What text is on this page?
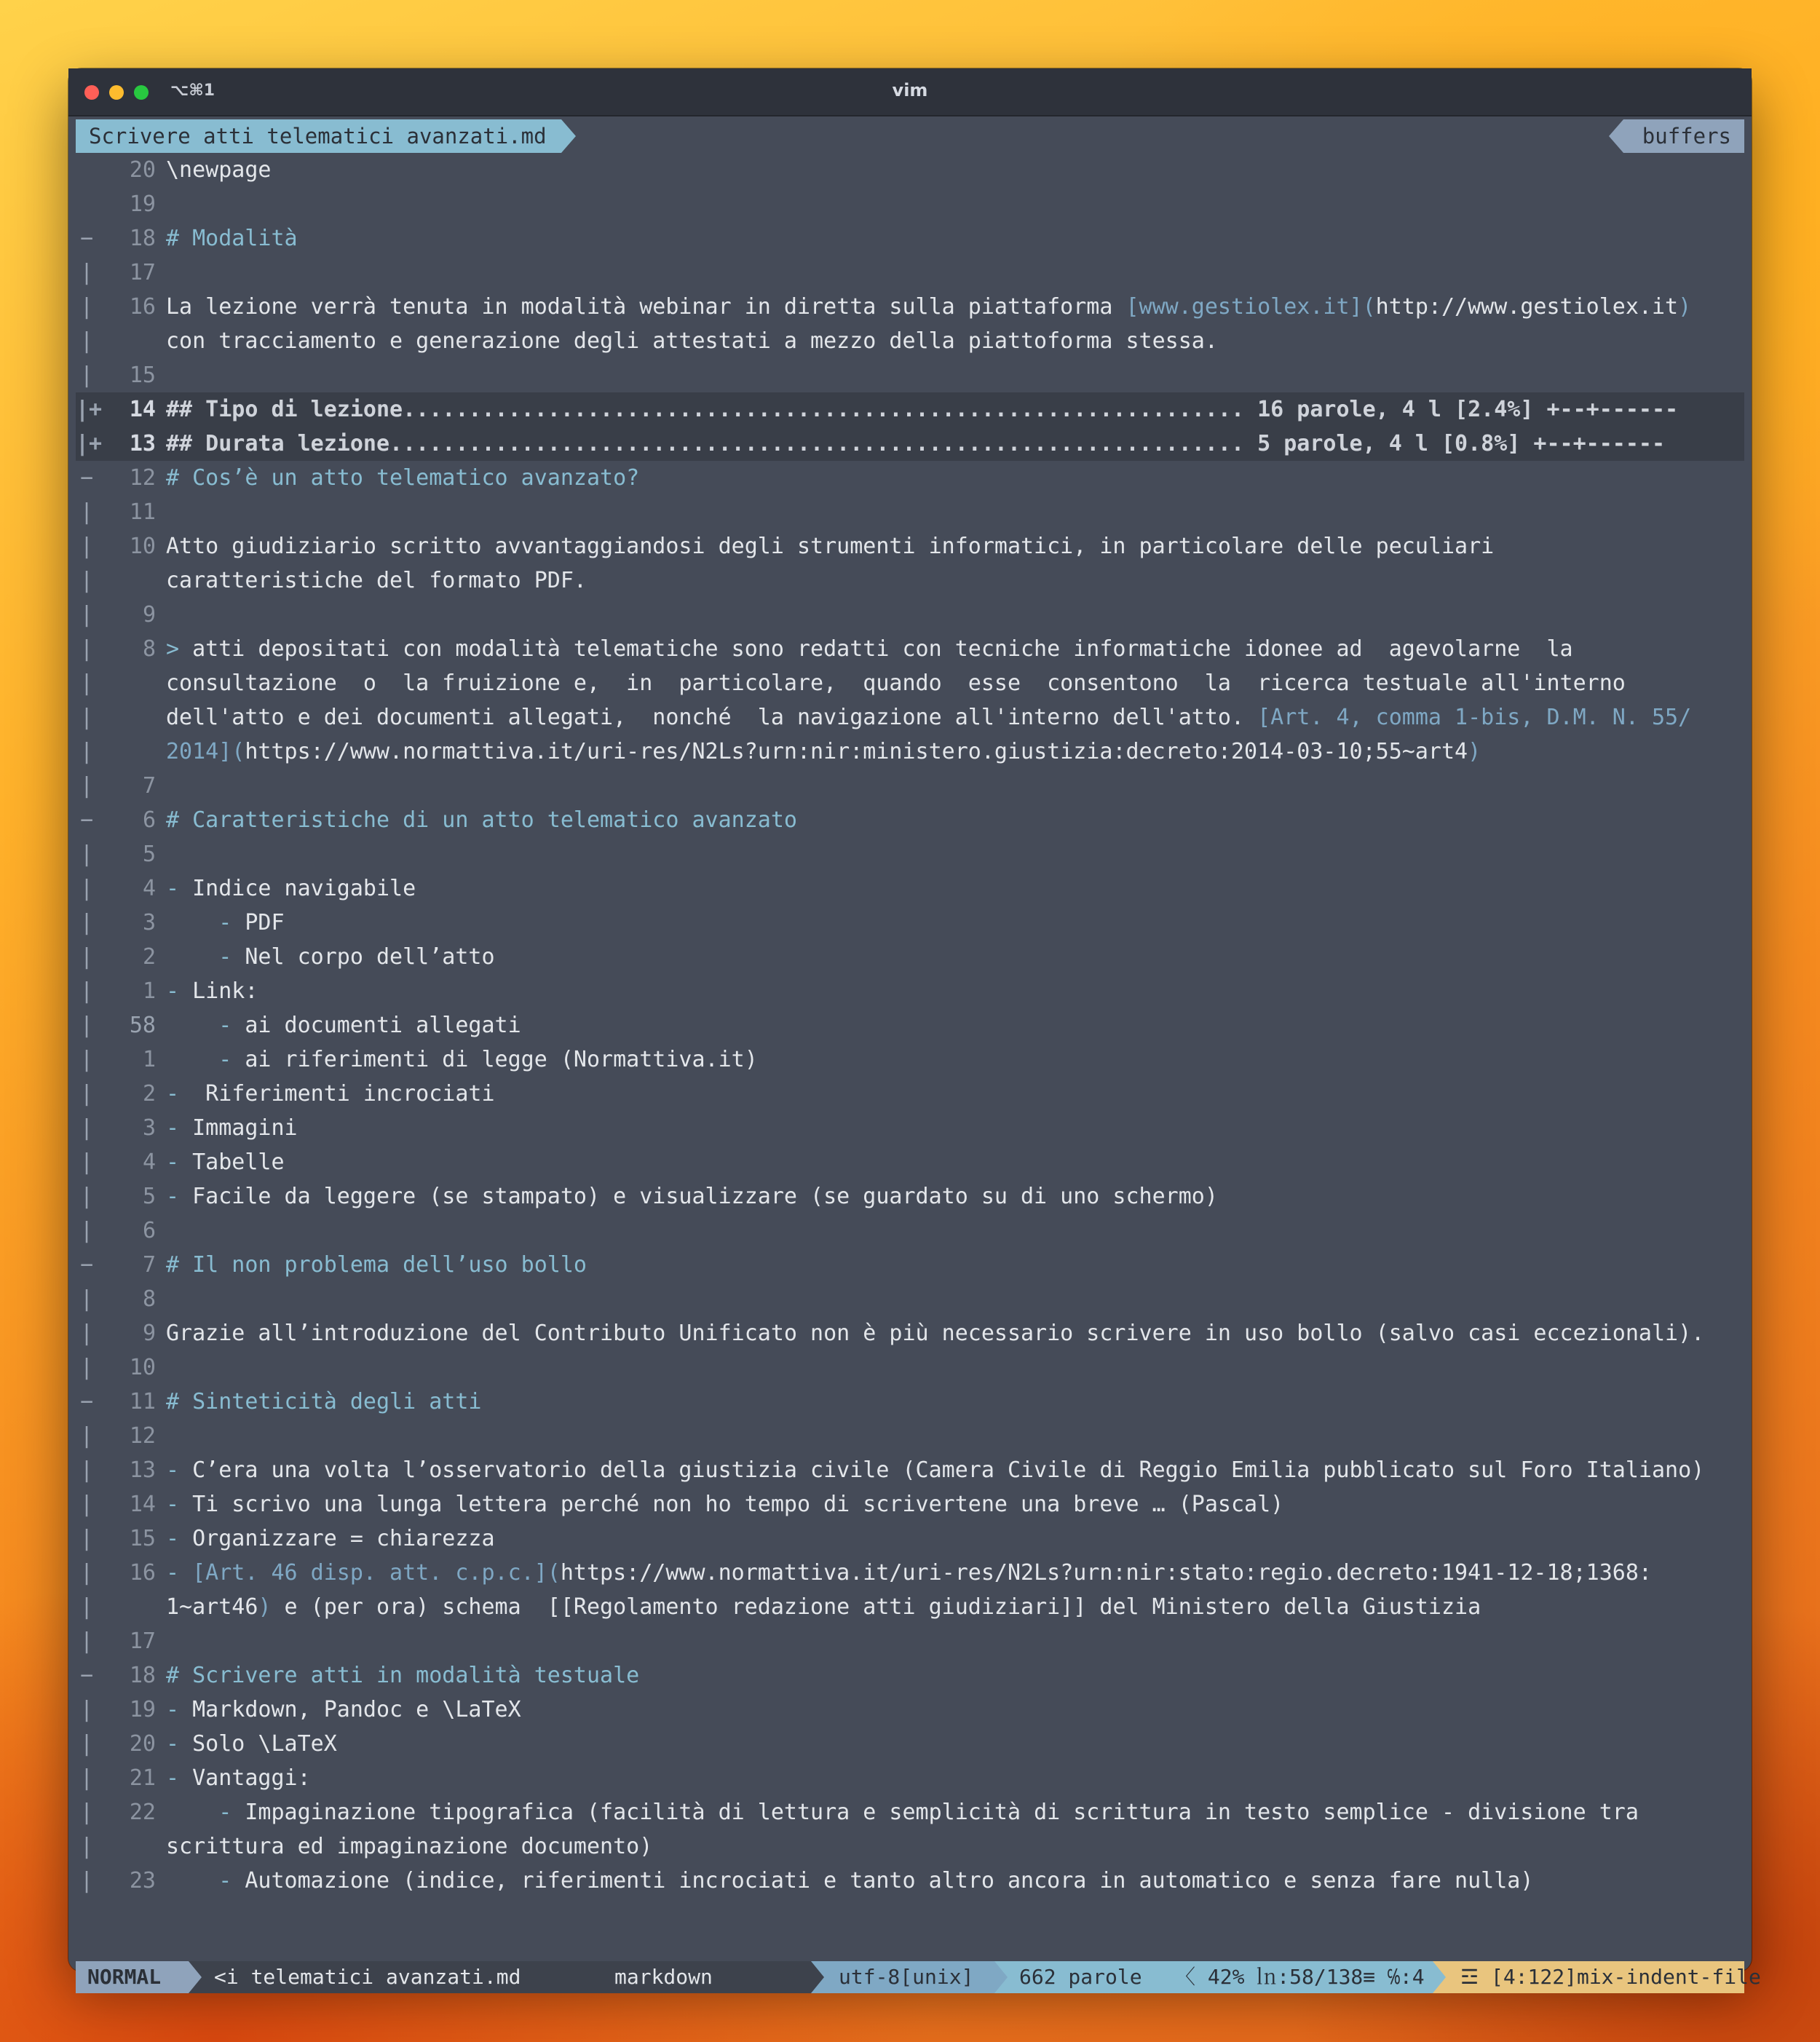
⌥⌘1	vim
Scrivere atti telematici avanzati.md	buffers
20 \newpage
19
−	18 # Modalità
|	17
|	16 La lezione verrà tenuta in modalità webinar in diretta sulla piattaforma [www.gestiolex.it](http://www.gestiolex.it)
|	con tracciamento e generazione degli attestati a mezzo della piattoforma stessa.
|	15
|+	14 ## Tipo di lezione................................................................ 16 parole, 4 l [2.4%] +--+------
|+	13 ## Durata lezione................................................................. 5 parole, 4 l [0.8%] +--+------
−	12 # Cos’è un atto telematico avanzato?
|	11
|	10 Atto giudiziario scritto avvantaggiandosi degli strumenti informatici, in particolare delle peculiari
|	caratteristiche del formato PDF.
|	9
|	8 > atti depositati con modalità telematiche sono redatti con tecniche informatiche idonee ad  agevolarne  la
|	consultazione  o  la fruizione e,  in  particolare,  quando  esse  consentono  la  ricerca testuale all'interno
|	dell'atto e dei documenti allegati,  nonché  la navigazione all'interno dell'atto. [Art. 4, comma 1-bis, D.M. N. 55/
|	2014](https://www.normattiva.it/uri-res/N2Ls?urn:nir:ministero.giustizia:decreto:2014-03-10;55~art4)
|	7
−	6 # Caratteristiche di un atto telematico avanzato
|	5
|	4 - Indice navigabile
|	3	- PDF
|	2	- Nel corpo dell’atto
|	1 - Link:
|	58	- ai documenti allegati
|	1	- ai riferimenti di legge (Normattiva.it)
|	2 -  Riferimenti incrociati
|	3 - Immagini
|	4 - Tabelle
|	5 - Facile da leggere (se stampato) e visualizzare (se guardato su di uno schermo)
|	6
−	7 # Il non problema dell’uso bollo
|	8
|	9 Grazie all’introduzione del Contributo Unificato non è più necessario scrivere in uso bollo (salvo casi eccezionali).
|	10
−	11 # Sinteticità degli atti
|	12
|	13 - C’era una volta l’osservatorio della giustizia civile (Camera Civile di Reggio Emilia pubblicato sul Foro Italiano)
|	14 - Ti scrivo una lunga lettera perché non ho tempo di scrivertene una breve … (Pascal)
|	15 - Organizzare = chiarezza
|	16 - [Art. 46 disp. att. c.p.c.](https://www.normattiva.it/uri-res/N2Ls?urn:nir:stato:regio.decreto:1941-12-18;1368:
|	1~art46) e (per ora) schema  [[Regolamento redazione atti giudiziari]] del Ministero della Giustizia
|	17
−	18 # Scrivere atti in modalità testuale
|	19 - Markdown, Pandoc e \LaTeX
|	20 - Solo \LaTeX
|	21 - Vantaggi:
|	22	- Impaginazione tipografica (facilità di lettura e semplicità di scrittura in testo semplice - divisione tra
|	scrittura ed impaginazione documento)
|	23	- Automazione (indice, riferimenti incrociati e tanto altro ancora in automatico e senza fare nulla)
NORMAL	<i telematici avanzati.md	markdown	utf-8[unix]	662 parole	〈 42% ㏑:58/138≡ ℅:4	☲ [4:122]mix-indent-file
